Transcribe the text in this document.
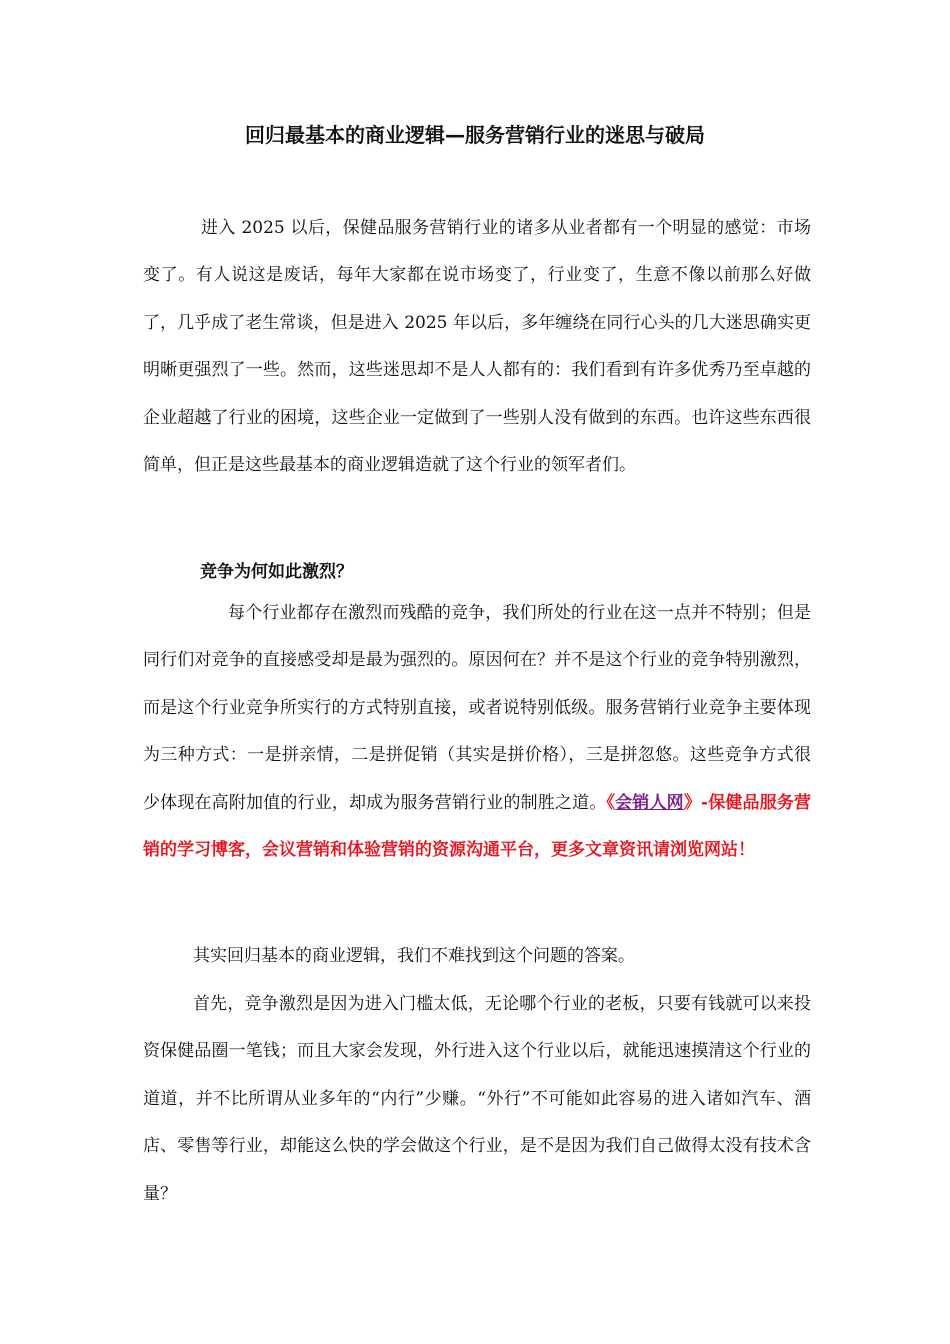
回归最基本的商业逻辑—服务营销行业的迷思与破局

进入 2025 以后，保健品服务营销行业的诸多从业者都有一个明显的感觉：市场变了。有人说这是废话，每年大家都在说市场变了，行业变了，生意不像以前那么好做了，几乎成了老生常谈，但是进入 2025 年以后，多年缠绕在同行心头的几大迷思确实更明晰更强烈了一些。然而，这些迷思却不是人人都有的：我们看到有许多优秀乃至卓越的企业超越了行业的困境，这些企业一定做到了一些别人没有做到的东西。也许这些东西很简单，但正是这些最基本的商业逻辑造就了这个行业的领军者们。

竞争为何如此激烈？

每个行业都存在激烈而残酷的竞争，我们所处的行业在这一点并不特别；但是同行们对竞争的直接感受却是最为强烈的。原因何在？并不是这个行业的竞争特别激烈，而是这个行业竞争所实行的方式特别直接，或者说特别低级。服务营销行业竞争主要体现为三种方式：一是拼亲情，二是拼促销（其实是拼价格），三是拼忽悠。这些竞争方式很少体现在高附加值的行业，却成为服务营销行业的制胜之道。《会销人网》-保健品服务营销的学习博客，会议营销和体验营销的资源沟通平台，更多文章资讯请浏览网站！

其实回归基本的商业逻辑，我们不难找到这个问题的答案。

首先，竞争激烈是因为进入门槛太低，无论哪个行业的老板，只要有钱就可以来投资保健品圈一笔钱；而且大家会发现，外行进入这个行业以后，就能迅速摸清这个行业的道道，并不比所谓从业多年的“内行”少赚。“外行”不可能如此容易的进入诸如汽车、酒店、零售等行业，却能这么快的学会做这个行业，是不是因为我们自己做得太没有技术含量？
